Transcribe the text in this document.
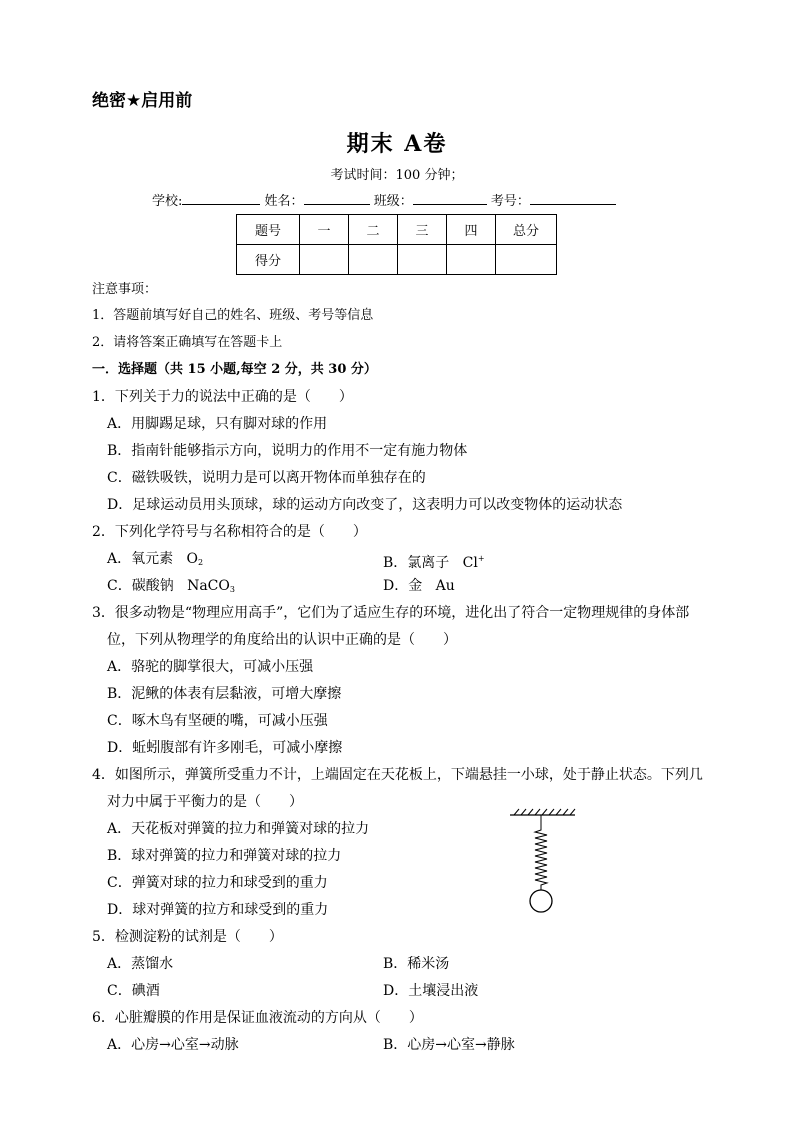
绝密★启用前
期末 A卷
考试时间：100 分钟；
学校:	姓名：	班级：	考号：
题号	一	二	三	四	总分
得分					
注意事项：
1．答题前填写好自己的姓名、班级、考号等信息
2．请将答案正确填写在答题卡上
一．选择题（共 15 小题,每空 2 分，共 30 分）
1．下列关于力的说法中正确的是（　　）
A．用脚踢足球，只有脚对球的作用
B．指南针能够指示方向，说明力的作用不一定有施力物体
C．磁铁吸铁，说明力是可以离开物体而单独存在的
D．足球运动员用头顶球，球的运动方向改变了，这表明力可以改变物体的运动状态
2．下列化学符号与名称相符合的是（　　）
A．氧元素 $O_2$	B．氯离子 Cl+
C．碳酸钠 NaCO$_3$	D．金 Au
3．很多动物是“物理应用高手”，它们为了适应生存的环境，进化出了符合一定物理规律的身体部
位，下列从物理学的角度给出的认识中正确的是（　　）
A．骆驼的脚掌很大，可减小压强
B．泥鳅的体表有层黏液，可增大摩擦
C．啄木鸟有坚硬的嘴，可减小压强
D．蚯蚓腹部有许多刚毛，可减小摩擦
4．如图所示，弹簧所受重力不计，上端固定在天花板上，下端悬挂一小球，处于静止状态。下列几
对力中属于平衡力的是（　　）
A．天花板对弹簧的拉力和弹簧对球的拉力
B．球对弹簧的拉力和弹簧对球的拉力
C．弹簧对球的拉力和球受到的重力
D．球对弹簧的拉方和球受到的重力
5．检测淀粉的试剂是（　　）
A．蒸馏水	B．稀米汤
C．碘酒	D．土壤浸出液
6．心脏瓣膜的作用是保证血液流动的方向从（　　）
A．心房→心室→动脉	B．心房→心室→静脉
